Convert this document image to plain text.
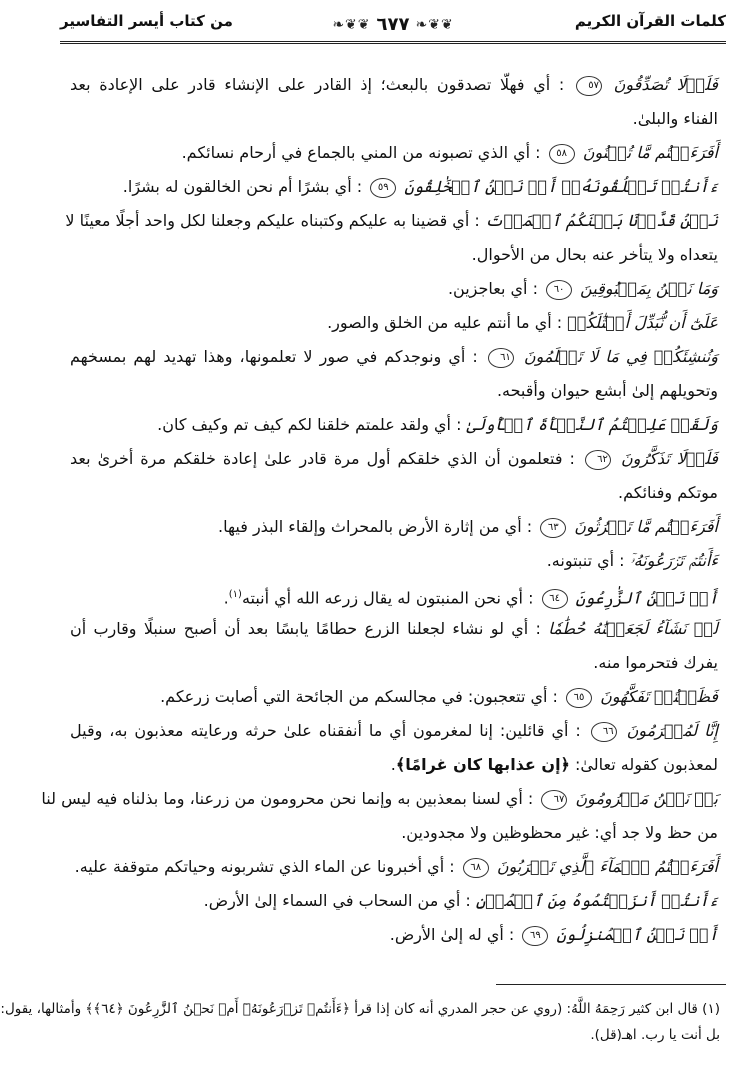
كلمات القرآن الكريم
❧❦❦ ٦٧٧ ❧❦❦
من كتاب أيسر التفاسير
فَلَوۡلَا تُصَدِّقُونَ ٥٧ : أي فهلّا تصدقون بالبعث؛ إذ القادر على الإنشاء قادر على الإعادة بعد
الفناء والبلىٰ.
أَفَرَءَيۡتُم مَّا تُمۡنُونَ ٥٨ : أي الذي تصبونه من المني بالجماع في أرحام نسائكم.
ءَأَنتُمۡ تَخۡلُقُونَهُۥٓ أَمۡ نَحۡنُ ٱلۡخَٰلِقُونَ ٥٩ : أي بشرًا أم نحن الخالقون له بشرًا.
نَحۡنُ قَدَّرۡنَا بَيۡنَكُمُ ٱلۡمَوۡتَ : أي قضينا به عليكم وكتبناه عليكم وجعلنا لكل واحد أجلًا معينًا لا
يتعداه ولا يتأخر عنه بحال من الأحوال.
وَمَا نَحۡنُ بِمَسۡبُوقِينَ ٦٠ : أي بعاجزين.
عَلَىٰٓ أَن نُّبَدِّلَ أَمۡثَٰلَكُمۡ : أي ما أنتم عليه من الخلق والصور.
وَنُنشِئَكُمۡ فِي مَا لَا تَعۡلَمُونَ ٦١ : أي ونوجدكم في صور لا تعلمونها، وهذا تهديد لهم بمسخهم
وتحويلهم إلىٰ أبشع حيوان وأقبحه.
وَلَقَدۡ عَلِمۡتُمُ ٱلنَّشۡأَةَ ٱلۡأُولَىٰ : أي ولقد علمتم خلقنا لكم كيف تم وكيف كان.
فَلَوۡلَا تَذَكَّرُونَ ٦٢ : فتعلمون أن الذي خلقكم أول مرة قادر علىٰ إعادة خلقكم مرة أخرىٰ بعد
موتكم وفنائكم.
أَفَرَءَيۡتُم مَّا تَحۡرُثُونَ ٦٣ : أي من إثارة الأرض بالمحراث وإلقاء البذر فيها.
ءَأَنتُمۡ تَزۡرَعُونَهُۥٓ : أي تنبتونه.
أَمۡ نَحۡنُ ٱلزَّٰرِعُونَ ٦٤ : أي نحن المنبتون له يقال زرعه الله أي أنبته$^{(١)}$.
لَوۡ نَشَآءُ لَجَعَلۡنَٰهُ حُطَٰمٗا : أي لو نشاء لجعلنا الزرع حطامًا يابسًا بعد أن أصبح سنبلًا وقارب أن
يفرك فتحرموا منه.
فَظَلۡتُمۡ تَفَكَّهُونَ ٦٥ : أي تتعجبون: في مجالسكم من الجائحة التي أصابت زرعكم.
إِنَّا لَمُغۡرَمُونَ ٦٦ : أي قائلين: إنا لمغرمون أي ما أنفقناه علىٰ حرثه ورعايته معذبون به، وقيل
لمعذبون كقوله تعالىٰ: ﴿إن عذابها كان غرامًا﴾.
بَلۡ نَحۡنُ مَحۡرُومُونَ ٦٧ : أي لسنا بمعذبين به وإنما نحن محرومون من زرعنا، وما بذلناه فيه ليس لنا
من حظ ولا جد أي: غير محظوظين ولا مجدودين.
أَفَرَءَيۡتُمُ ٱلۡمَآءَ ٱلَّذِي تَشۡرَبُونَ ٦٨ : أي أخبرونا عن الماء الذي تشربونه وحياتكم متوقفة عليه.
ءَأَنتُمۡ أَنزَلۡتُمُوهُ مِنَ ٱلۡمُزۡنِ : أي من السحاب في السماء إلىٰ الأرض.
أَمۡ نَحۡنُ ٱلۡمُنزِلُونَ ٦٩ : أي له إلىٰ الأرض.
(١) قال ابن كثير رَحِمَهُ اللَّهُ: (روي عن حجر المدري أنه كان إذا قرأ ﴿ءَأَنتُمۡ تَزۡرَعُونَهُۥٓ أَمۡ نَحۡنُ ٱلزَّٰرِعُونَ ﴿٦٤﴾﴾ وأمثالها، يقول:
بل أنت يا رب. اهـ(قل).
